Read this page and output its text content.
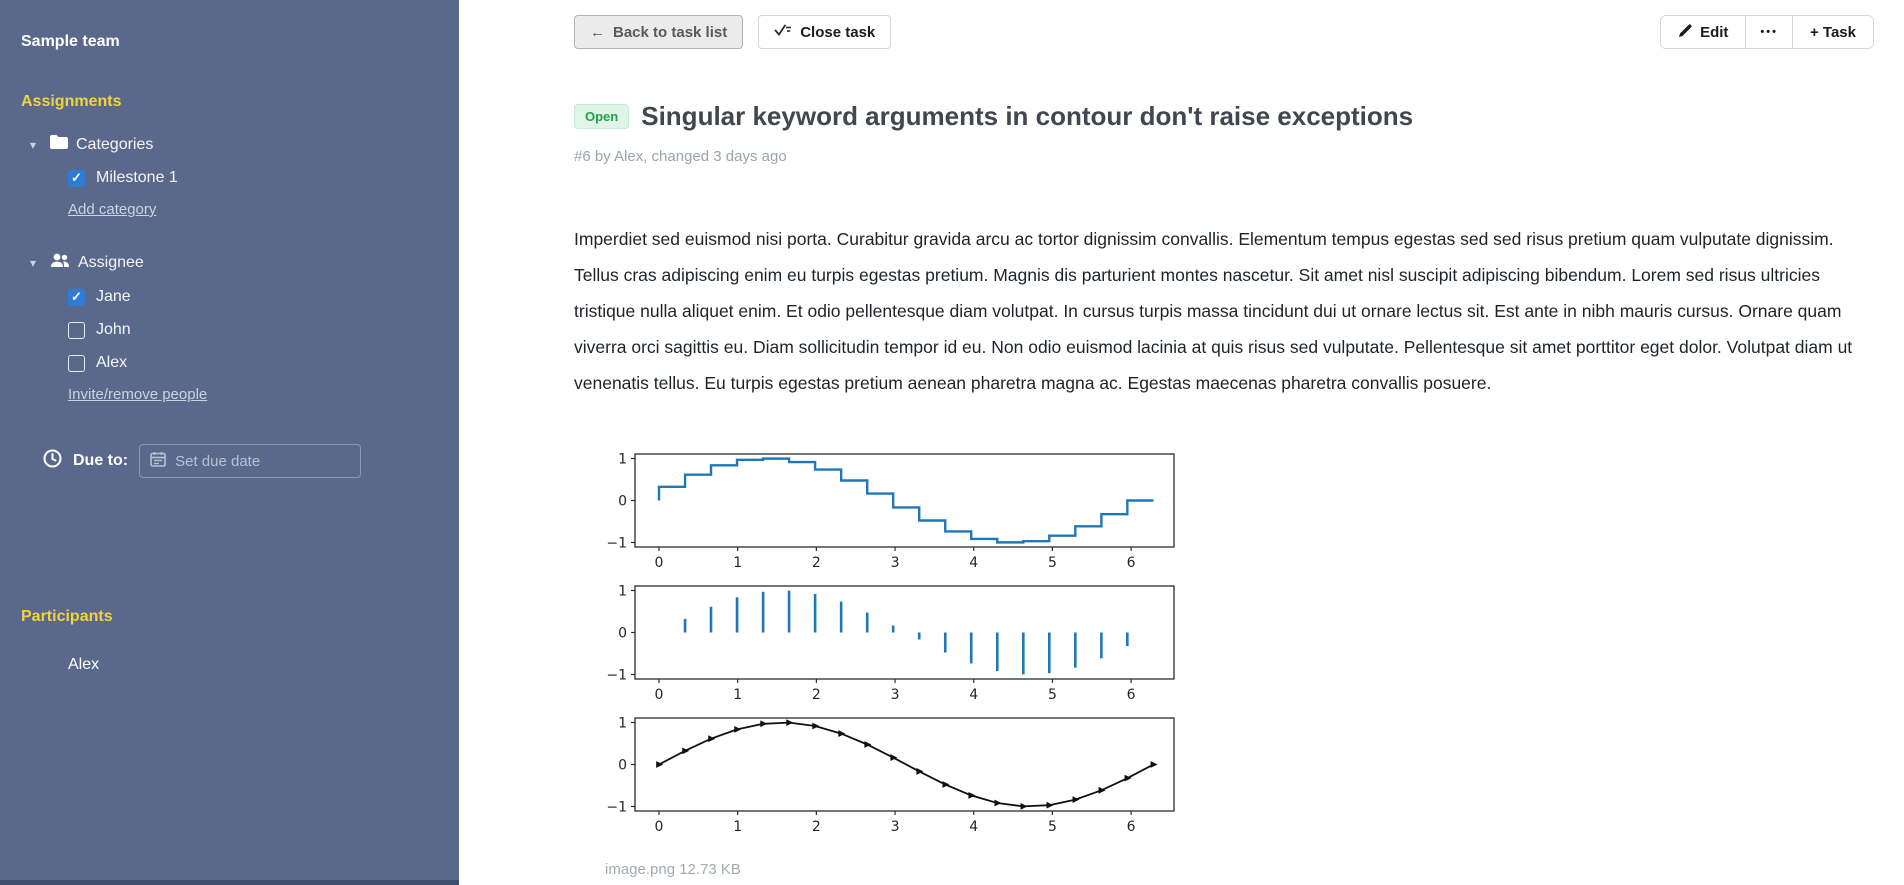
Sample team
Assignments
▾	Categories
✓
Milestone 1
Add category
▾	Assignee
✓
Jane
John
Alex
Invite/remove people
Due to:	Set due date
Participants
Alex
← Back to task list	Close task	Edit	•••	+ Task
Open Singular keyword arguments in contour don't raise exceptions
#6 by Alex, changed 3 days ago

Imperdiet sed euismod nisi porta. Curabitur gravida arcu ac tortor dignissim convallis. Elementum tempus egestas sed sed risus pretium quam vulputate dignissim. Tellus cras adipiscing enim eu turpis egestas pretium. Magnis dis parturient montes nascetur. Sit amet nisl suscipit adipiscing bibendum. Lorem sed risus ultricies tristique nulla aliquet enim. Et odio pellentesque diam volutpat. In cursus turpis massa tincidunt dui ut ornare lectus sit. Est ante in nibh mauris cursus. Ornare quam viverra orci sagittis eu. Diam sollicitudin tempor id eu. Non odio euismod lacinia at quis risus sed vulputate. Pellentesque sit amet porttitor eget dolor. Volutpat diam ut venenatis tellus. Eu turpis egestas pretium aenean pharetra magna ac. Egestas maecenas pharetra convallis posuere.

0	1	2	3	4	5	6
1
0
−1
0	1	2	3	4	5	6
1
0
−1
0	1	2	3	4	5	6
1
0
−1
image.png 12.73 KB
